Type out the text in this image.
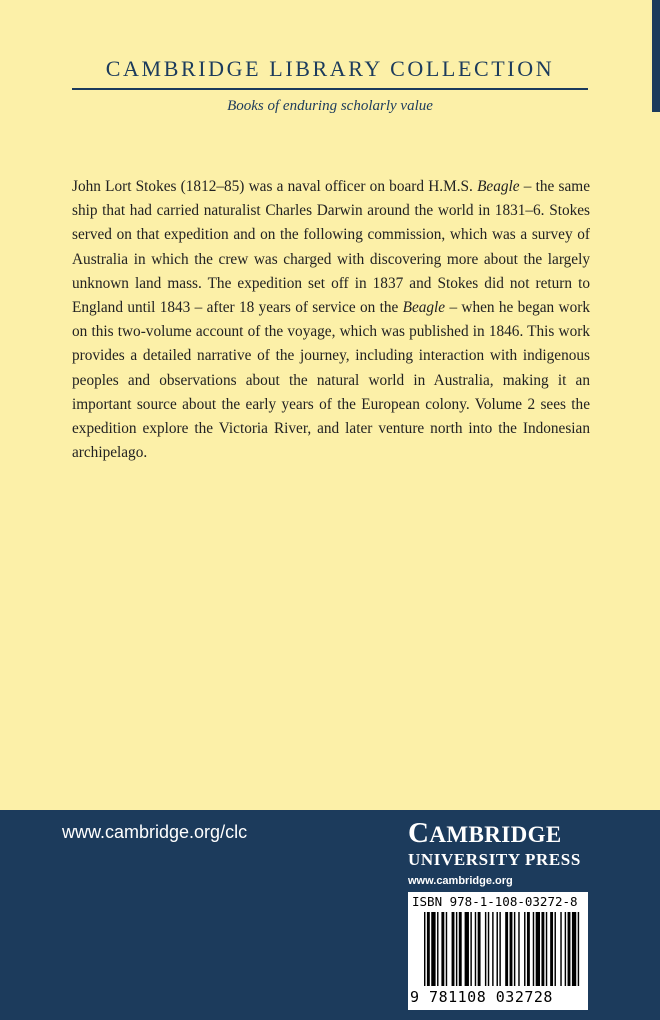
CAMBRIDGE LIBRARY COLLECTION
Books of enduring scholarly value
John Lort Stokes (1812–85) was a naval officer on board H.M.S. Beagle – the same ship that had carried naturalist Charles Darwin around the world in 1831–6. Stokes served on that expedition and on the following commission, which was a survey of Australia in which the crew was charged with discovering more about the largely unknown land mass. The expedition set off in 1837 and Stokes did not return to England until 1843 – after 18 years of service on the Beagle – when he began work on this two-volume account of the voyage, which was published in 1846. This work provides a detailed narrative of the journey, including interaction with indigenous peoples and observations about the natural world in Australia, making it an important source about the early years of the European colony. Volume 2 sees the expedition explore the Victoria River, and later venture north into the Indonesian archipelago.
www.cambridge.org/clc	CAMBRIDGE
UNIVERSITY PRESS
www.cambridge.org
ISBN 978-1-108-03272-8
9 781108 032728
